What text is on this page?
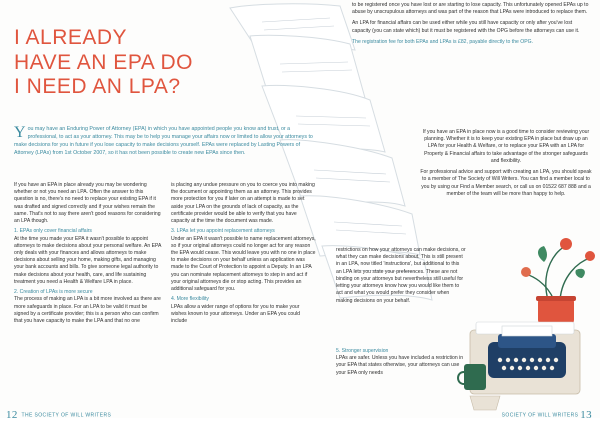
I ALREADY
HAVE AN EPA DO
I NEED AN LPA?
You may have an Enduring Power of Attorney (EPA) in which you have appointed people you know and trust, or a professional, to act as your attorney. This may be to help you manage your affairs now or limited to allow your attorneys to make decisions for you in future if you lose capacity to make decisions yourself. EPAs were replaced by Lasting Powers of Attorney (LPAs) from 1st October 2007, so it has not been possible to create new EPAs since then.

If you have an EPA in place already you may be wondering whether or not you need an LPA. Often the answer to this question is no, there's no need to replace your existing EPA if it was drafted and signed correctly and if your wishes remain the same. That's not to say there aren't good reasons for considering an LPA though.

1. EPAs only cover financial affairs

At the time you made your EPA it wasn't possible to appoint attorneys to make decisions about your personal welfare. An EPA only deals with your finances and allows attorneys to make decisions about selling your home, making gifts, and managing your bank accounts and bills. To give someone legal authority to make decisions about your health, care, and life sustaining treatment you need a Health & Welfare LPA in place.

2. Creation of LPAs is more secure

The process of making an LPA is a bit more involved as there are more safeguards in place. For an LPA to be valid it must be signed by a certificate provider; this is a person who can confirm that you have capacity to make the LPA and that no one

is placing any undue pressure on you to coerce you into making the document or appointing them as an attorney. This provides more protection for you if later on an attempt is made to set aside your LPA on the grounds of lack of capacity, as the certificate provider would be able to verify that you have capacity at the time the document was made.

3. LPAs let you appoint replacement attorneys

Under an EPA it wasn't possible to name replacement attorneys, so if your original attorneys could no longer act for any reason the EPA would cease. This would leave you with no one in place to make decisions on your behalf unless an application was made to the Court of Protection to appoint a Deputy. In an LPA you can nominate replacement attorneys to step in and act if your original attorneys die or stop acting. This provides an additional safeguard for you.

4. More flexibility

LPAs allow a wider range of options for you to make your wishes known to your attorneys. Under an EPA you could include

restrictions on how your attorneys can make decisions, or what they can make decisions about. This is still present in an LPA, now titled 'instructions', but additional to this an LPA lets you state your preferences. These are not binding on your attorneys but nevertheless still useful for letting your attorneys know how you would like them to act and what you would prefer they consider when making decisions on your behalf.

5. Stronger supervision

LPAs are safer. Unless you have included a restriction in your EPA that states otherwise, your attorneys can use your EPA only needs

to be registered once you have lost or are starting to lose capacity. This unfortunately opened EPAs up to abuse by unscrupulous attorneys and was part of the reason that LPAs were introduced to replace them.

An LPA for financial affairs can be used either while you still have capacity or only after you've lost capacity (you can state which) but it must be registered with the OPG before the attorneys can use it.

The registration fee for both EPAs and LPAs is £82, payable directly to the OPG.

If you have an EPA in place now is a good time to consider reviewing your planning. Whether it is to keep your existing EPA in place but draw up an LPA for your Health & Welfare, or to replace your EPA with an LPA for Property & Financial affairs to take advantage of the stronger safeguards and flexibility.

For professional advice and support with creating an LPA, you should speak to a member of The Society of Will Writers. You can find a member local to you by using our Find a Member search, or call us on 01522 687 888 and a member of the team will be more than happy to help.

12 THE SOCIETY OF WILL WRITERS	SOCIETY OF WILL WRITERS 13
